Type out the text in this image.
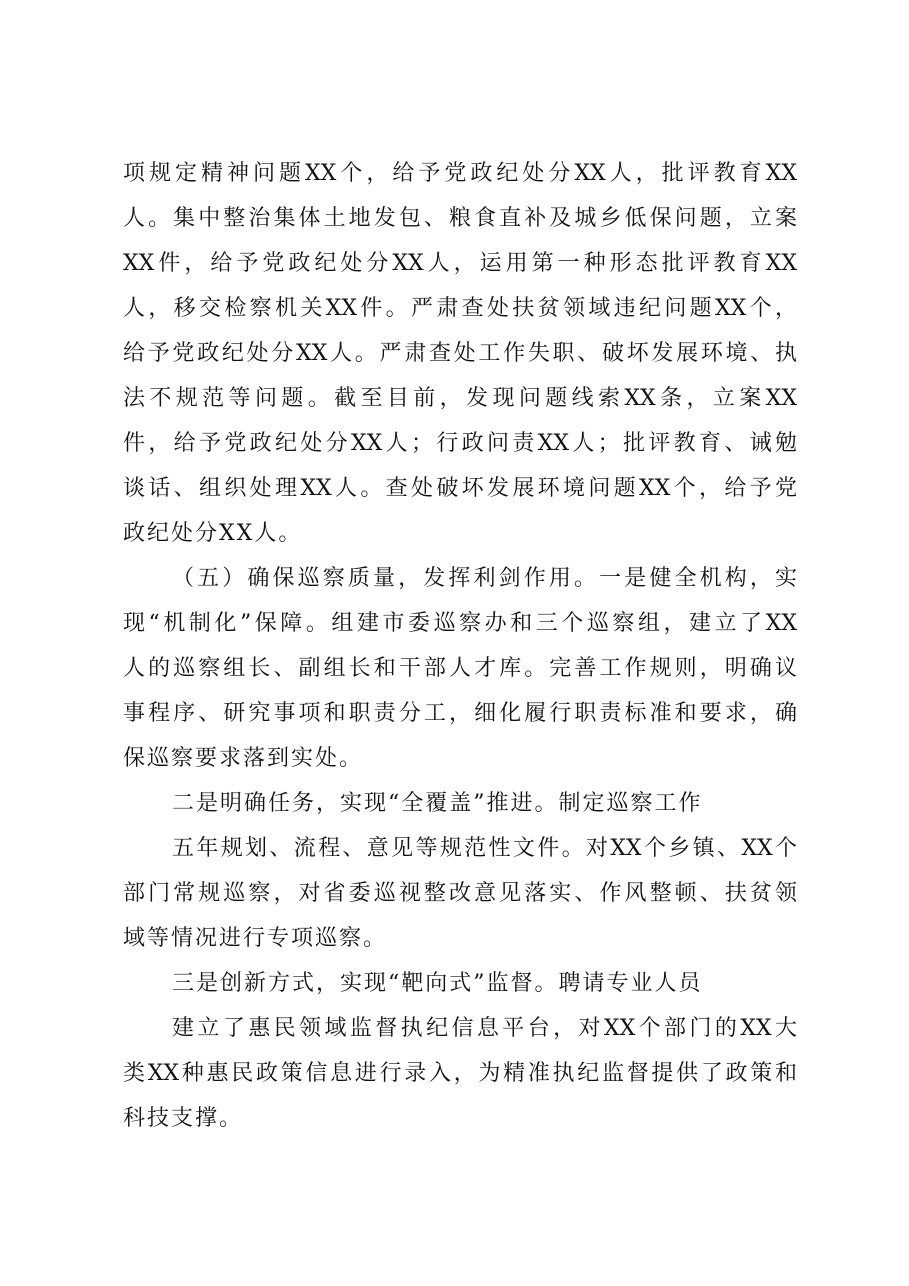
项规定精神问题XX个，给予党政纪处分XX人，批评教育XX
人。集中整治集体土地发包、粮食直补及城乡低保问题，立案
XX件，给予党政纪处分XX人，运用第一种形态批评教育XX
人，移交检察机关XX件。严肃查处扶贫领域违纪问题XX个，
给予党政纪处分XX人。严肃查处工作失职、破坏发展环境、执
法不规范等问题。截至目前，发现问题线索XX条，立案XX
件，给予党政纪处分XX人；行政问责XX人；批评教育、诫勉
谈话、组织处理XX人。查处破坏发展环境问题XX个，给予党
政纪处分XX人。
（五）确保巡察质量，发挥利剑作用。一是健全机构，实
现“机制化”保障。组建市委巡察办和三个巡察组，建立了XX
人的巡察组长、副组长和干部人才库。完善工作规则，明确议
事程序、研究事项和职责分工，细化履行职责标准和要求，确
保巡察要求落到实处。
二是明确任务，实现“全覆盖”推进。制定巡察工作
五年规划、流程、意见等规范性文件。对XX个乡镇、XX个
部门常规巡察，对省委巡视整改意见落实、作风整顿、扶贫领
域等情况进行专项巡察。
三是创新方式，实现“靶向式”监督。聘请专业人员
建立了惠民领域监督执纪信息平台，对XX个部门的XX大
类XX种惠民政策信息进行录入，为精准执纪监督提供了政策和
科技支撑。
